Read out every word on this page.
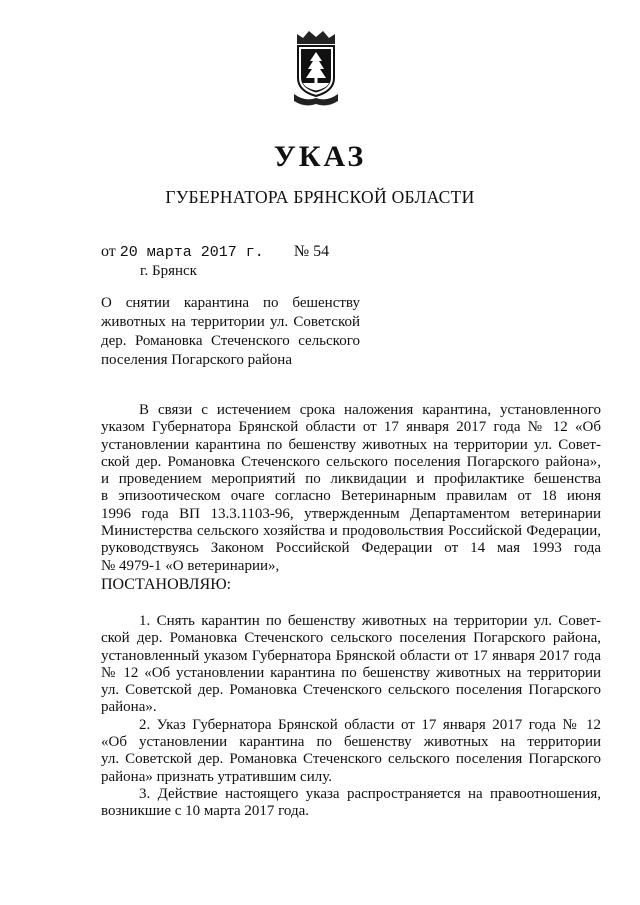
УКАЗ
ГУБЕРНАТОРА БРЯНСКОЙ ОБЛАСТИ
от 20 марта 2017 г. № 54
г. Брянск
О снятии карантина по бешенству
животных на территории ул. Советской
дер. Романовка Стеченского сельского
поселения Погарского района
В связи с истечением срока наложения карантина, установленного
указом Губернатора Брянской области от 17 января 2017 года № 12 «Об
установлении карантина по бешенству животных на территории ул. Совет-
ской дер. Романовка Стеченского сельского поселения Погарского района»,
и проведением мероприятий по ликвидации и профилактике бешенства
в эпизоотическом очаге согласно Ветеринарным правилам от 18 июня
1996 года ВП 13.3.1103-96, утвержденным Департаментом ветеринарии
Министерства сельского хозяйства и продовольствия Российской Федерации,
руководствуясь Законом Российской Федерации от 14 мая 1993 года
№ 4979-1 «О ветеринарии»,
ПОСТАНОВЛЯЮ:
1. Снять карантин по бешенству животных на территории ул. Совет-
ской дер. Романовка Стеченского сельского поселения Погарского района,
установленный указом Губернатора Брянской области от 17 января 2017 года
№ 12 «Об установлении карантина по бешенству животных на территории
ул. Советской дер. Романовка Стеченского сельского поселения Погарского
района».
2. Указ Губернатора Брянской области от 17 января 2017 года № 12
«Об установлении карантина по бешенству животных на территории
ул. Советской дер. Романовка Стеченского сельского поселения Погарского
района» признать утратившим силу.
3. Действие настоящего указа распространяется на правоотношения,
возникшие с 10 марта 2017 года.
